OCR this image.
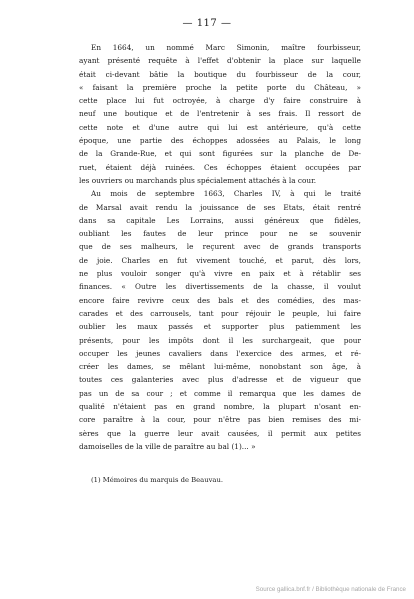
— 117 —

En 1664, un nommé Marc Simonin, maître fourbisseur,
ayant présenté requête à l'effet d'obtenir la place sur laquelle
était ci-devant bâtie la boutique du fourbisseur de la cour,
« faisant la première proche la petite porte du Château, »
cette place lui fut octroyée, à charge d'y faire construire à
neuf une boutique et de l'entretenir à ses frais. Il ressort de
cette note et d'une autre qui lui est antérieure, qu'à cette
époque, une partie des échoppes adossées au Palais, le long
de la Grande-Rue, et qui sont figurées sur la planche de De-
ruet, étaient déjà ruinées. Ces échoppes étaient occupées par
les ouvriers ou marchands plus spécialement attachés à la cour.

Au mois de septembre 1663, Charles IV, à qui le traité
de Marsal avait rendu la jouissance de ses Etats, était rentré
dans sa capitale Les Lorrains, aussi généreux que fidèles,
oubliant les fautes de leur prince pour ne se souvenir
que de ses malheurs, le reçurent avec de grands transports
de joie. Charles en fut vivement touché, et parut, dès lors,
ne plus vouloir songer qu'à vivre en paix et à rétablir ses
finances. « Outre les divertissements de la chasse, il voulut
encore faire revivre ceux des bals et des comédies, des mas-
carades et des carrousels, tant pour réjouir le peuple, lui faire
oublier les maux passés et supporter plus patiemment les
présents, pour les impôts dont il les surchargeait, que pour
occuper les jeunes cavaliers dans l'exercice des armes, et ré-
créer les dames, se mêlant lui-même, nonobstant son âge, à
toutes ces galanteries avec plus d'adresse et de vigueur que
pas un de sa cour ; et comme il remarqua que les dames de
qualité n'étaient pas en grand nombre, la plupart n'osant en-
core paraître à la cour, pour n'être pas bien remises des mi-
sères que la guerre leur avait causées, il permit aux petites
damoiselles de la ville de paraître au bal (1)... »

(1) Mémoires du marquis de Beauvau.
Source gallica.bnf.fr / Bibliothèque nationale de France
